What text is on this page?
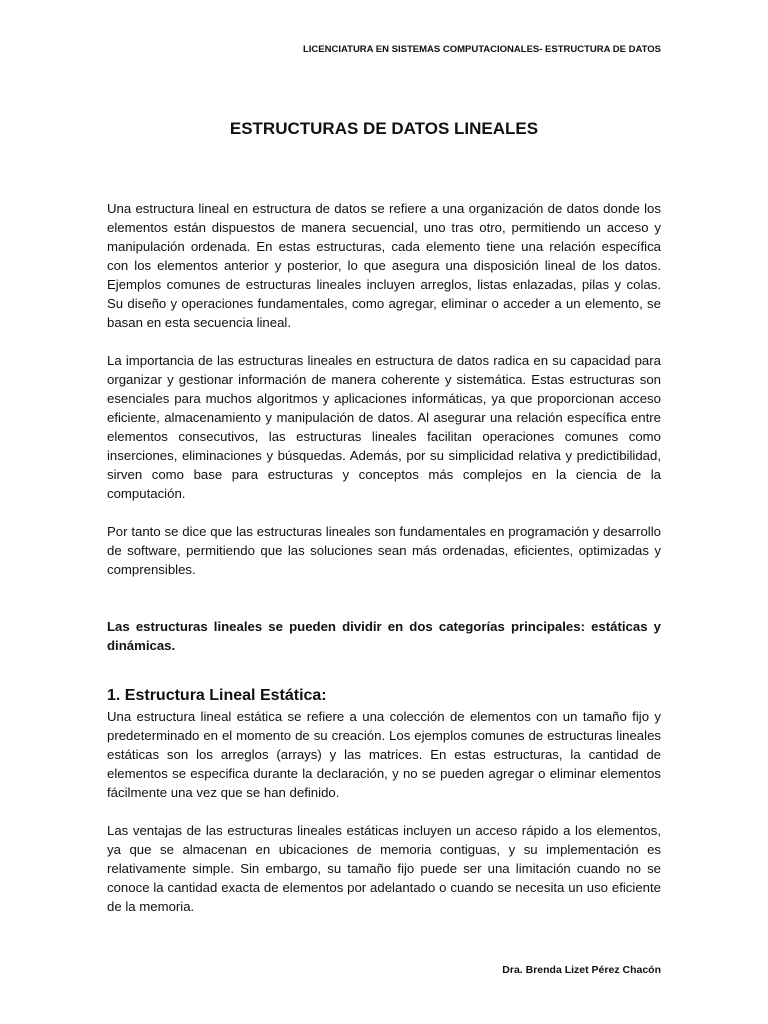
LICENCIATURA EN SISTEMAS COMPUTACIONALES- ESTRUCTURA DE DATOS
ESTRUCTURAS DE DATOS LINEALES

Una estructura lineal en estructura de datos se refiere a una organización de datos donde los elementos están dispuestos de manera secuencial, uno tras otro, permitiendo un acceso y manipulación ordenada. En estas estructuras, cada elemento tiene una relación específica con los elementos anterior y posterior, lo que asegura una disposición lineal de los datos. Ejemplos comunes de estructuras lineales incluyen arreglos, listas enlazadas, pilas y colas. Su diseño y operaciones fundamentales, como agregar, eliminar o acceder a un elemento, se basan en esta secuencia lineal.

La importancia de las estructuras lineales en estructura de datos radica en su capacidad para organizar y gestionar información de manera coherente y sistemática. Estas estructuras son esenciales para muchos algoritmos y aplicaciones informáticas, ya que proporcionan acceso eficiente, almacenamiento y manipulación de datos. Al asegurar una relación específica entre elementos consecutivos, las estructuras lineales facilitan operaciones comunes como inserciones, eliminaciones y búsquedas. Además, por su simplicidad relativa y predictibilidad, sirven como base para estructuras y conceptos más complejos en la ciencia de la computación.

Por tanto se dice que las estructuras lineales son fundamentales en programación y desarrollo de software, permitiendo que las soluciones sean más ordenadas, eficientes, optimizadas y comprensibles.

Las estructuras lineales se pueden dividir en dos categorías principales: estáticas y dinámicas.

1. Estructura Lineal Estática:

Una estructura lineal estática se refiere a una colección de elementos con un tamaño fijo y predeterminado en el momento de su creación. Los ejemplos comunes de estructuras lineales estáticas son los arreglos (arrays) y las matrices. En estas estructuras, la cantidad de elementos se especifica durante la declaración, y no se pueden agregar o eliminar elementos fácilmente una vez que se han definido.

Las ventajas de las estructuras lineales estáticas incluyen un acceso rápido a los elementos, ya que se almacenan en ubicaciones de memoria contiguas, y su implementación es relativamente simple. Sin embargo, su tamaño fijo puede ser una limitación cuando no se conoce la cantidad exacta de elementos por adelantado o cuando se necesita un uso eficiente de la memoria.

Dra. Brenda Lizet Pérez Chacón
